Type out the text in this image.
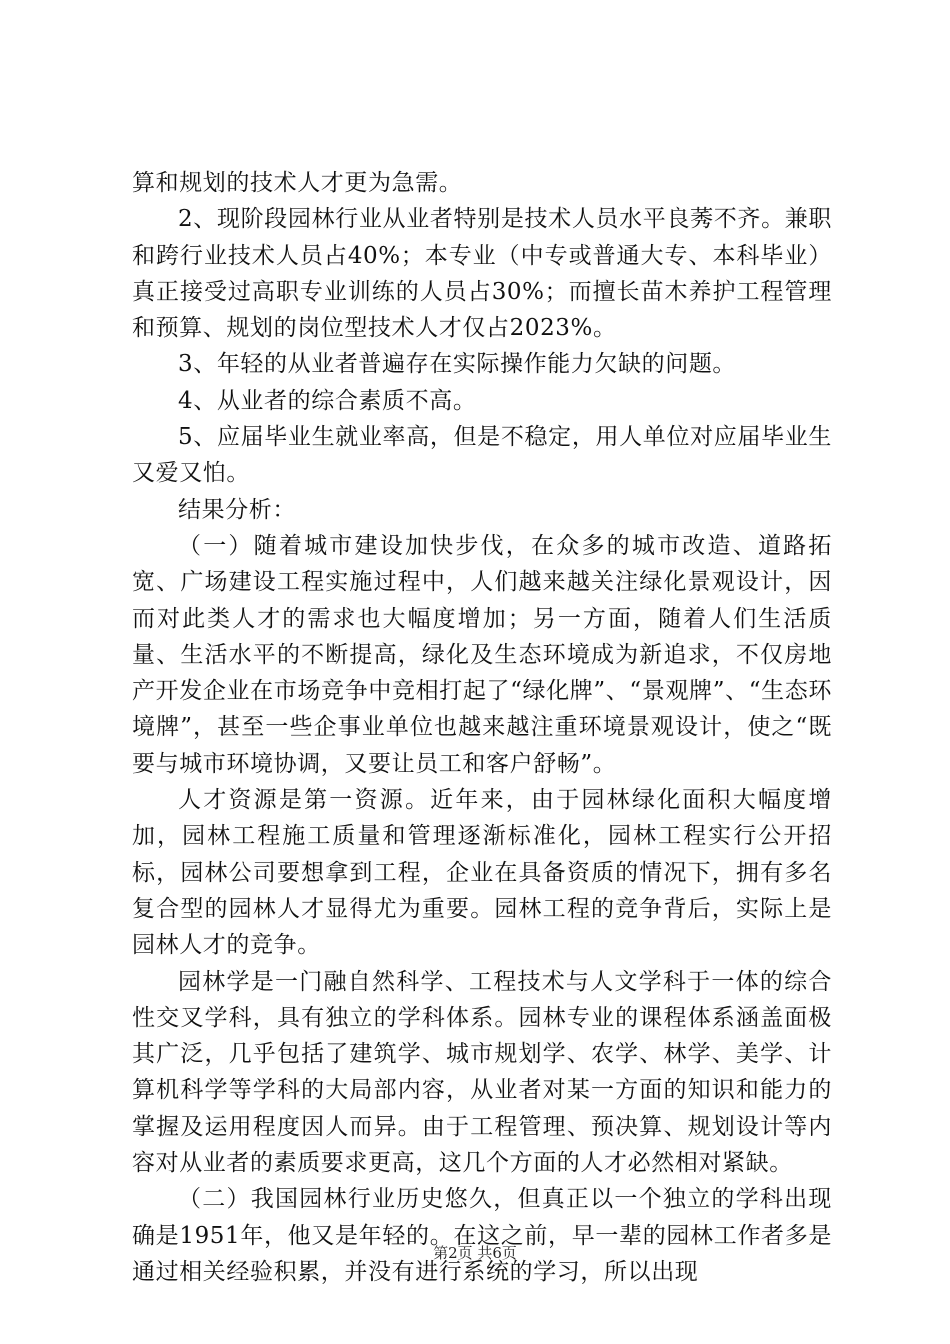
算和规划的技术人才更为急需。

2、现阶段园林行业从业者特别是技术人员水平良莠不齐。兼职和跨行业技术人员占40%；本专业（中专或普通大专、本科毕业）真正接受过高职专业训练的人员占30%；而擅长苗木养护工程管理和预算、规划的岗位型技术人才仅占2023%。

3、年轻的从业者普遍存在实际操作能力欠缺的问题。

4、从业者的综合素质不高。

5、应届毕业生就业率高，但是不稳定，用人单位对应届毕业生又爱又怕。

结果分析：

（一）随着城市建设加快步伐，在众多的城市改造、道路拓宽、广场建设工程实施过程中，人们越来越关注绿化景观设计，因而对此类人才的需求也大幅度增加；另一方面，随着人们生活质量、生活水平的不断提高，绿化及生态环境成为新追求，不仅房地产开发企业在市场竞争中竞相打起了“绿化牌”、“景观牌”、“生态环境牌”，甚至一些企事业单位也越来越注重环境景观设计，使之“既要与城市环境协调，又要让员工和客户舒畅”。

人才资源是第一资源。近年来，由于园林绿化面积大幅度增加，园林工程施工质量和管理逐渐标准化，园林工程实行公开招标，园林公司要想拿到工程，企业在具备资质的情况下，拥有多名复合型的园林人才显得尤为重要。园林工程的竞争背后，实际上是园林人才的竞争。

园林学是一门融自然科学、工程技术与人文学科于一体的综合性交叉学科，具有独立的学科体系。园林专业的课程体系涵盖面极其广泛，几乎包括了建筑学、城市规划学、农学、林学、美学、计算机科学等学科的大局部内容，从业者对某一方面的知识和能力的掌握及运用程度因人而异。由于工程管理、预决算、规划设计等内容对从业者的素质要求更高，这几个方面的人才必然相对紧缺。

（二）我国园林行业历史悠久，但真正以一个独立的学科出现确是1951年，他又是年轻的。在这之前，早一辈的园林工作者多是通过相关经验积累，并没有进行系统的学习，所以出现

第2页 共6页
